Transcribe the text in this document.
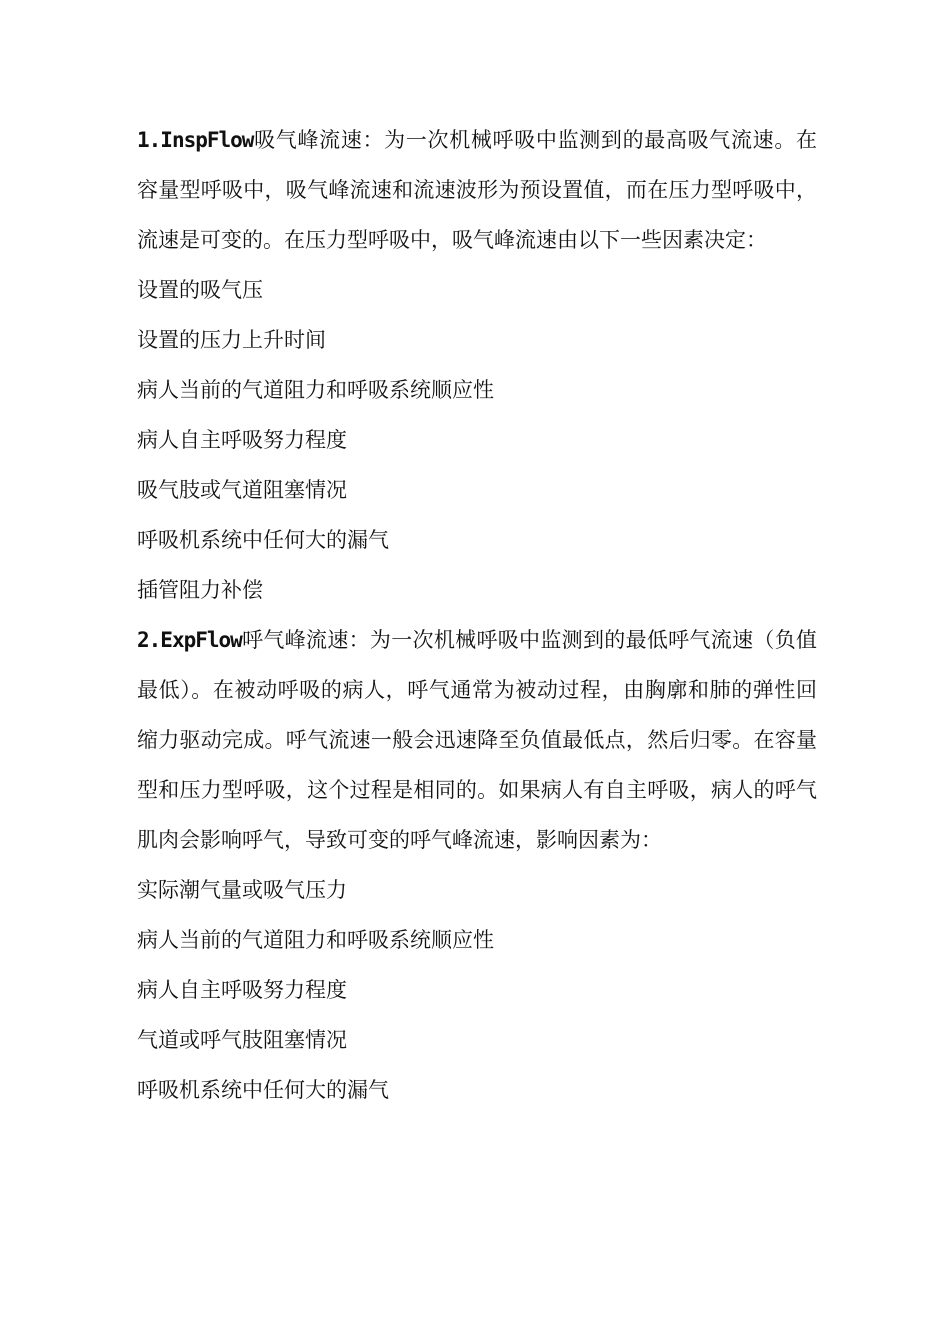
1.InspFlow吸气峰流速：为一次机械呼吸中监测到的最高吸气流速。在容量型呼吸中，吸气峰流速和流速波形为预设置值，而在压力型呼吸中，流速是可变的。在压力型呼吸中，吸气峰流速由以下一些因素决定：

设置的吸气压

设置的压力上升时间

病人当前的气道阻力和呼吸系统顺应性

病人自主呼吸努力程度

吸气肢或气道阻塞情况

呼吸机系统中任何大的漏气

插管阻力补偿

2.ExpFlow呼气峰流速：为一次机械呼吸中监测到的最低呼气流速（负值最低）。在被动呼吸的病人，呼气通常为被动过程，由胸廓和肺的弹性回缩力驱动完成。呼气流速一般会迅速降至负值最低点，然后归零。在容量型和压力型呼吸，这个过程是相同的。如果病人有自主呼吸，病人的呼气肌肉会影响呼气，导致可变的呼气峰流速，影响因素为：

实际潮气量或吸气压力

病人当前的气道阻力和呼吸系统顺应性

病人自主呼吸努力程度

气道或呼气肢阻塞情况

呼吸机系统中任何大的漏气
